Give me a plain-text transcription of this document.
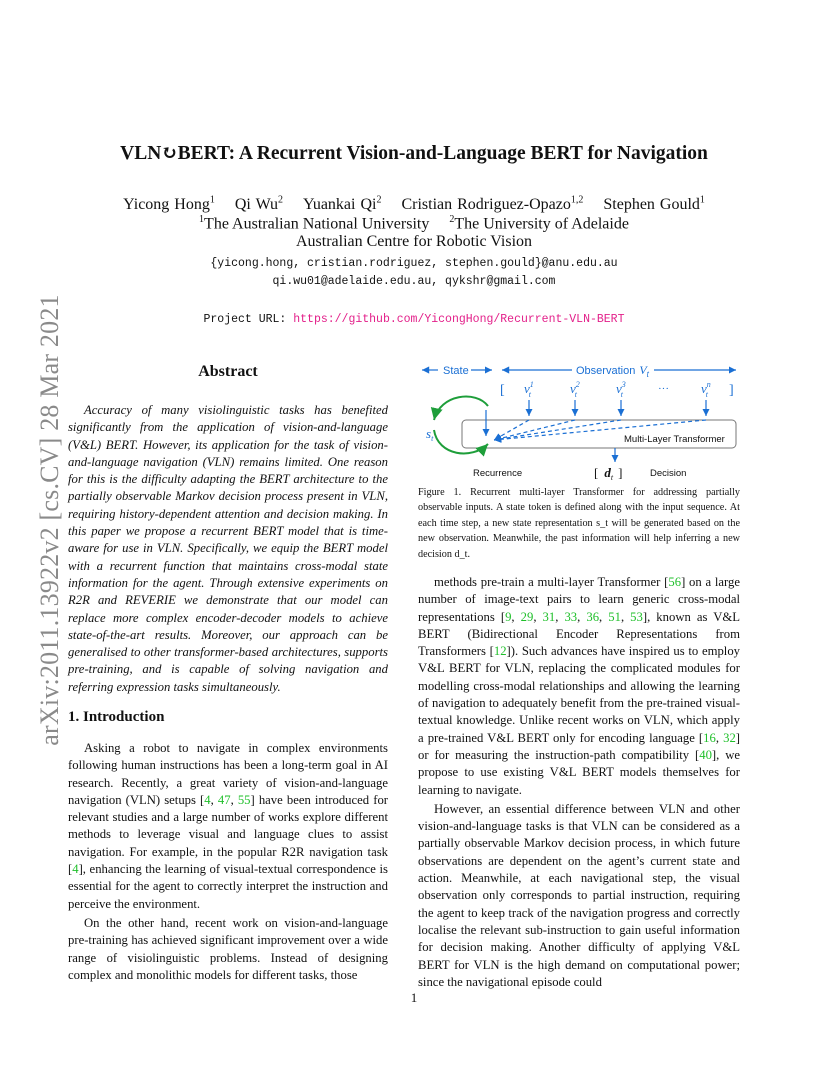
arXiv:2011.13922v2 [cs.CV] 28 Mar 2021
VLN↻BERT: A Recurrent Vision-and-Language BERT for Navigation
Yicong Hong$^1$ Qi Wu$^2$ Yuankai Qi$^2$ Cristian Rodriguez-Opazo$^{1,2}$ Stephen Gould$^1$
$^1$The Australian National University $^2$The University of Adelaide
Australian Centre for Robotic Vision
{yicong.hong, cristian.rodriguez, stephen.gould}@anu.edu.au
qi.wu01@adelaide.edu.au, qykshr@gmail.com
Project URL: https://github.com/YicongHong/Recurrent-VLN-BERT
Abstract
Accuracy of many visiolinguistic tasks has benefited significantly from the application of vision-and-language (V&L) BERT. However, its application for the task of vision-and-language navigation (VLN) remains limited. One reason for this is the difficulty adapting the BERT architecture to the partially observable Markov decision process present in VLN, requiring history-dependent attention and decision making. In this paper we propose a recurrent BERT model that is time-aware for use in VLN. Specifically, we equip the BERT model with a recurrent function that maintains cross-modal state information for the agent. Through extensive experiments on R2R and REVERIE we demonstrate that our model can replace more complex encoder-decoder models to achieve state-of-the-art results. Moreover, our approach can be generalised to other transformer-based architectures, supports pre-training, and is capable of solving navigation and referring expression tasks simultaneously.
1. Introduction

Asking a robot to navigate in complex environments following human instructions has been a long-term goal in AI research. Recently, a great variety of vision-and-language navigation (VLN) setups [4, 47, 55] have been introduced for relevant studies and a large number of works explore different methods to leverage visual and language clues to assist navigation. For example, in the popular R2R navigation task [4], enhancing the learning of visual-textual correspondence is essential for the agent to correctly interpret the instruction and perceive the environment.

On the other hand, recent work on vision-and-language pre-training has achieved significant improvement over a wide range of visiolinguistic problems. Instead of designing complex and monolithic models for different tasks, those

State	Observation $V_t$
[	]
···
$v^1$ t	$v^2$ t	$v^3$ t	$v^n$ t
Multi-Layer Transformer
$s_t$
Recurrence	[ $d_t$ ]	Decision
Figure 1. Recurrent multi-layer Transformer for addressing partially observable inputs. A state token is defined along with the input sequence. At each time step, a new state representation s_t will be generated based on the new observation. Meanwhile, the past information will help inferring a new decision d_t.

methods pre-train a multi-layer Transformer [56] on a large number of image-text pairs to learn generic cross-modal representations [9, 29, 31, 33, 36, 51, 53], known as V&L BERT (Bidirectional Encoder Representations from Transformers [12]). Such advances have inspired us to employ V&L BERT for VLN, replacing the complicated modules for modelling cross-modal relationships and allowing the learning of navigation to adequately benefit from the pre-trained visual-textual knowledge. Unlike recent works on VLN, which apply a pre-trained V&L BERT only for encoding language [16, 32] or for measuring the instruction-path compatibility [40], we propose to use existing V&L BERT models themselves for learning to navigate.

However, an essential difference between VLN and other vision-and-language tasks is that VLN can be considered as a partially observable Markov decision process, in which future observations are dependent on the agent’s current state and action. Meanwhile, at each navigational step, the visual observation only corresponds to partial instruction, requiring the agent to keep track of the navigation progress and correctly localise the relevant sub-instruction to gain useful information for decision making. Another difficulty of applying V&L BERT for VLN is the high demand on computational power; since the navigational episode could

1
